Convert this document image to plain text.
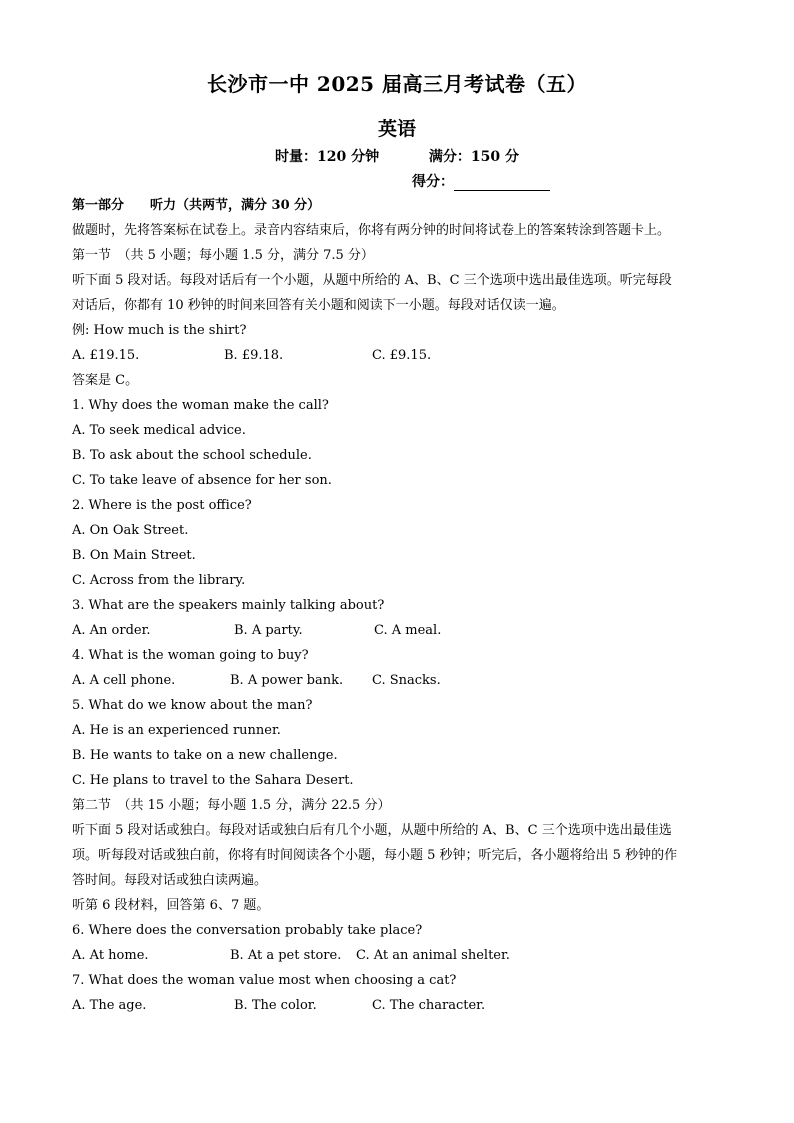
长沙市一中 2025 届高三月考试卷（五）
英语
时量：120 分钟	满分：150 分
得分：
第一部分　　听力（共两节，满分 30 分）
做题时，先将答案标在试卷上。录音内容结束后，你将有两分钟的时间将试卷上的答案转涂到答题卡上。
第一节　（共 5 小题；每小题 1.5 分，满分 7.5 分）
听下面 5 段对话。每段对话后有一个小题，从题中所给的 A、B、C 三个选项中选出最佳选项。听完每段
对话后，你都有 10 秒钟的时间来回答有关小题和阅读下一小题。每段对话仅读一遍。
例: How much is the shirt?
A. £19.15.	B. £9.18.	C. £9.15.
答案是 C。
1. Why does the woman make the call?
A. To seek medical advice.
B. To ask about the school schedule.
C. To take leave of absence for her son.
2. Where is the post office?
A. On Oak Street.
B. On Main Street.
C. Across from the library.
3. What are the speakers mainly talking about?
A. An order.	B. A party.	C. A meal.
4. What is the woman going to buy?
A. A cell phone.	B. A power bank. C. Snacks.
5. What do we know about the man?
A. He is an experienced runner.
B. He wants to take on a new challenge.
C. He plans to travel to the Sahara Desert.
第二节　（共 15 小题；每小题 1.5 分，满分 22.5 分）
听下面 5 段对话或独白。每段对话或独白后有几个小题，从题中所给的 A、B、C 三个选项中选出最佳选
项。听每段对话或独白前，你将有时间阅读各个小题，每小题 5 秒钟；听完后，各小题将给出 5 秒钟的作
答时间。每段对话或独白读两遍。
听第 6 段材料，回答第 6、7 题。
6. Where does the conversation probably take place?
A. At home.	B. At a pet store. C. At an animal shelter.
7. What does the woman value most when choosing a cat?
A. The age.	B. The color.	C. The character.
